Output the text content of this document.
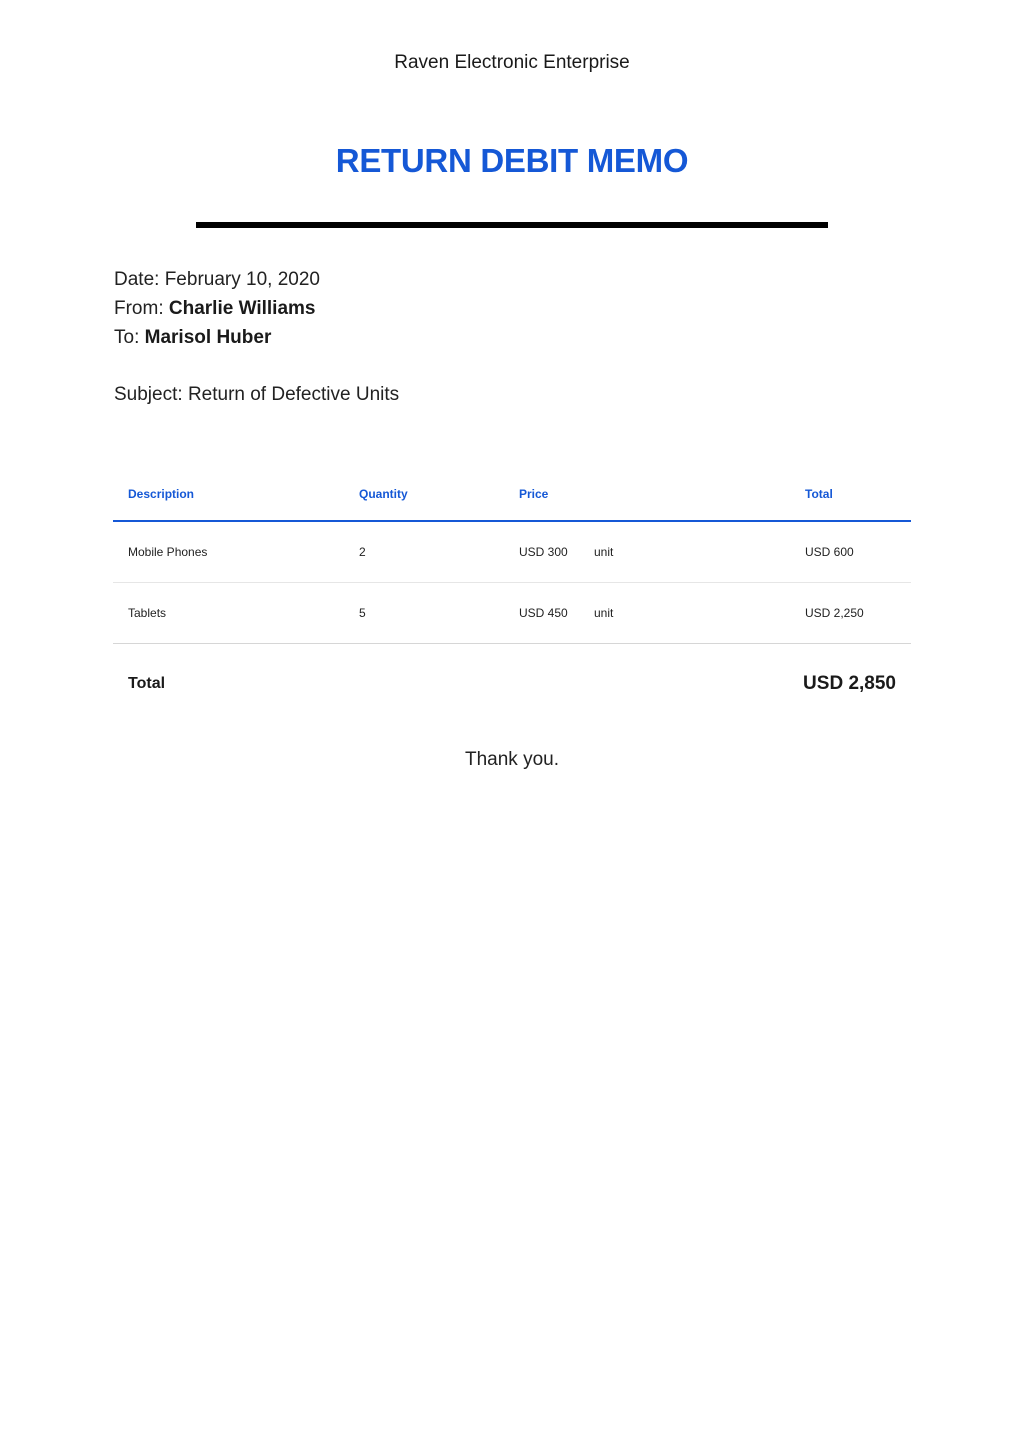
Raven Electronic Enterprise
RETURN DEBIT MEMO
Date: February 10, 2020
From: Charlie Williams
To: Marisol Huber
Subject: Return of Defective Units
Description	Quantity	Price		Total
Mobile Phones	2	USD 300	unit	USD 600
Tablets	5	USD 450	unit	USD 2,250
Total	USD 2,850
Thank you.
